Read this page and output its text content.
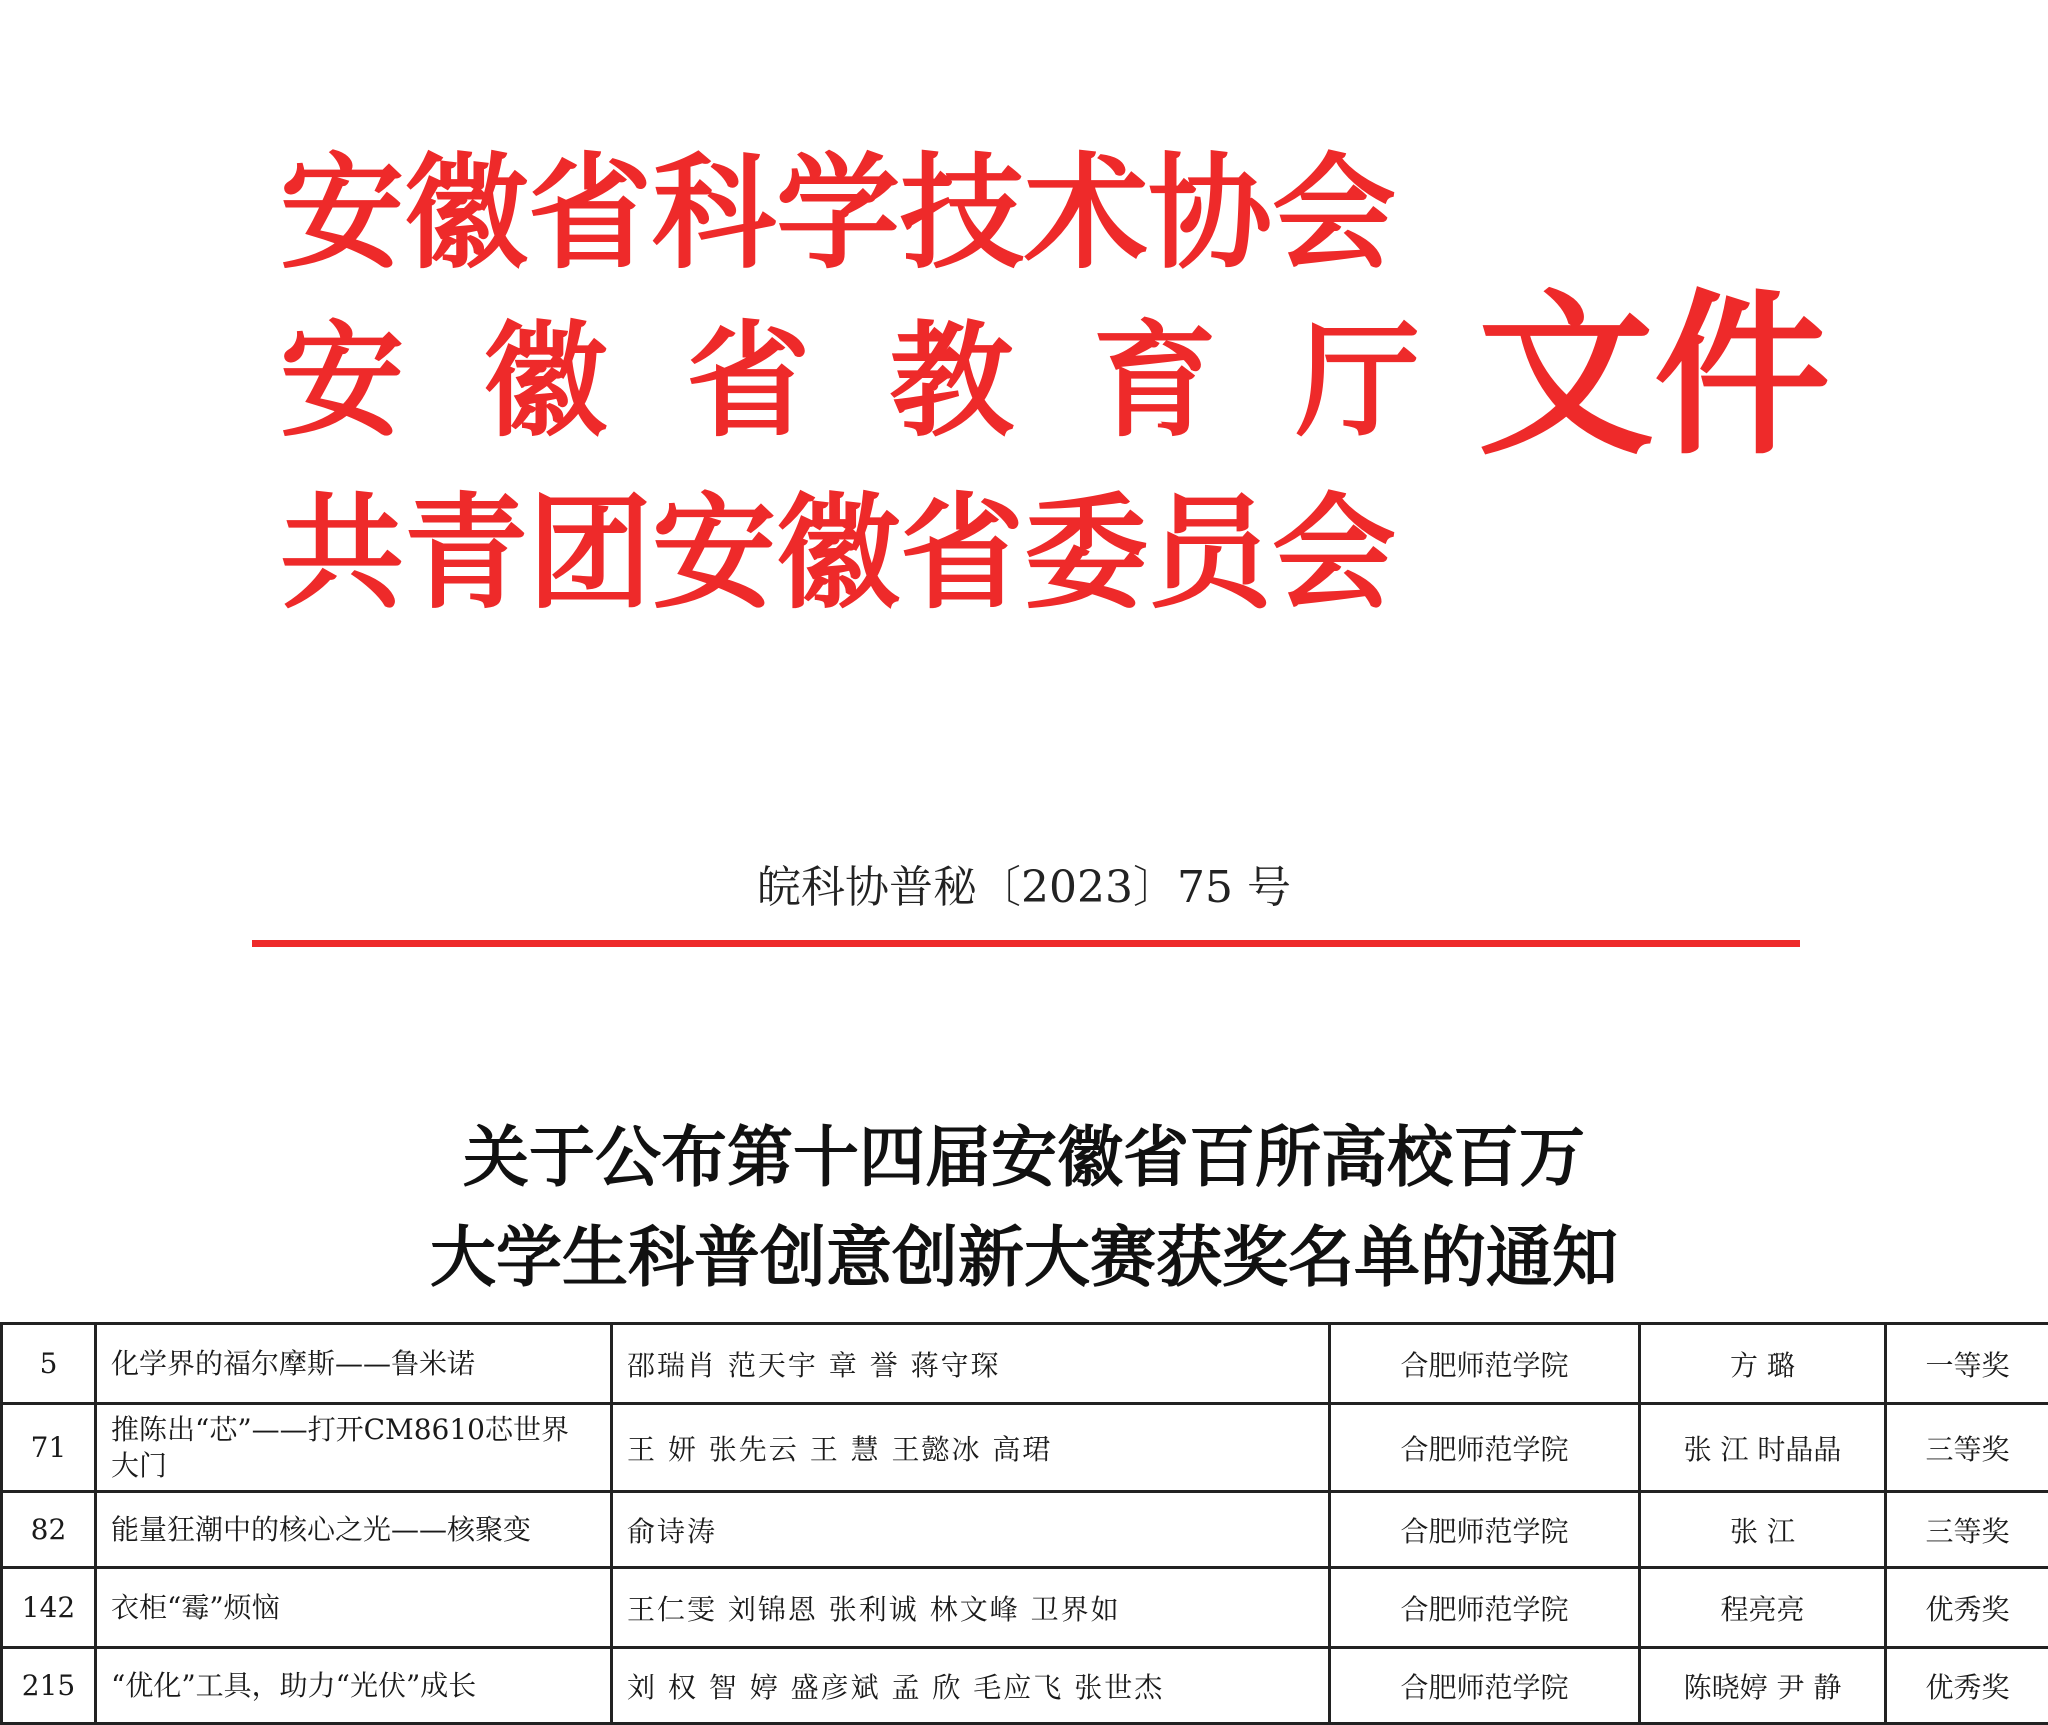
安徽省科学技术协会
安 徽 省 教 育 厅
共青团安徽省委员会
文件
皖科协普秘〔2023〕75 号
关于公布第十四届安徽省百所高校百万
大学生科普创意创新大赛获奖名单的通知
5	化学界的福尔摩斯——鲁米诺	邵瑞肖 范天宇 章 誉 蒋守琛	合肥师范学院	方 璐	一等奖
71	推陈出“芯”——打开CM8610芯世界大门	王 妍 张先云 王 慧 王懿冰 高珺	合肥师范学院	张 江 时晶晶	三等奖
82	能量狂潮中的核心之光——核聚变	俞诗涛	合肥师范学院	张 江	三等奖
142	衣柜“霉”烦恼	王仁雯 刘锦恩 张利诚 林文峰 卫界如	合肥师范学院	程亮亮	优秀奖
215	“优化”工具，助力“光伏”成长	刘 权 智 婷 盛彦斌 孟 欣 毛应飞 张世杰	合肥师范学院	陈晓婷 尹 静	优秀奖
